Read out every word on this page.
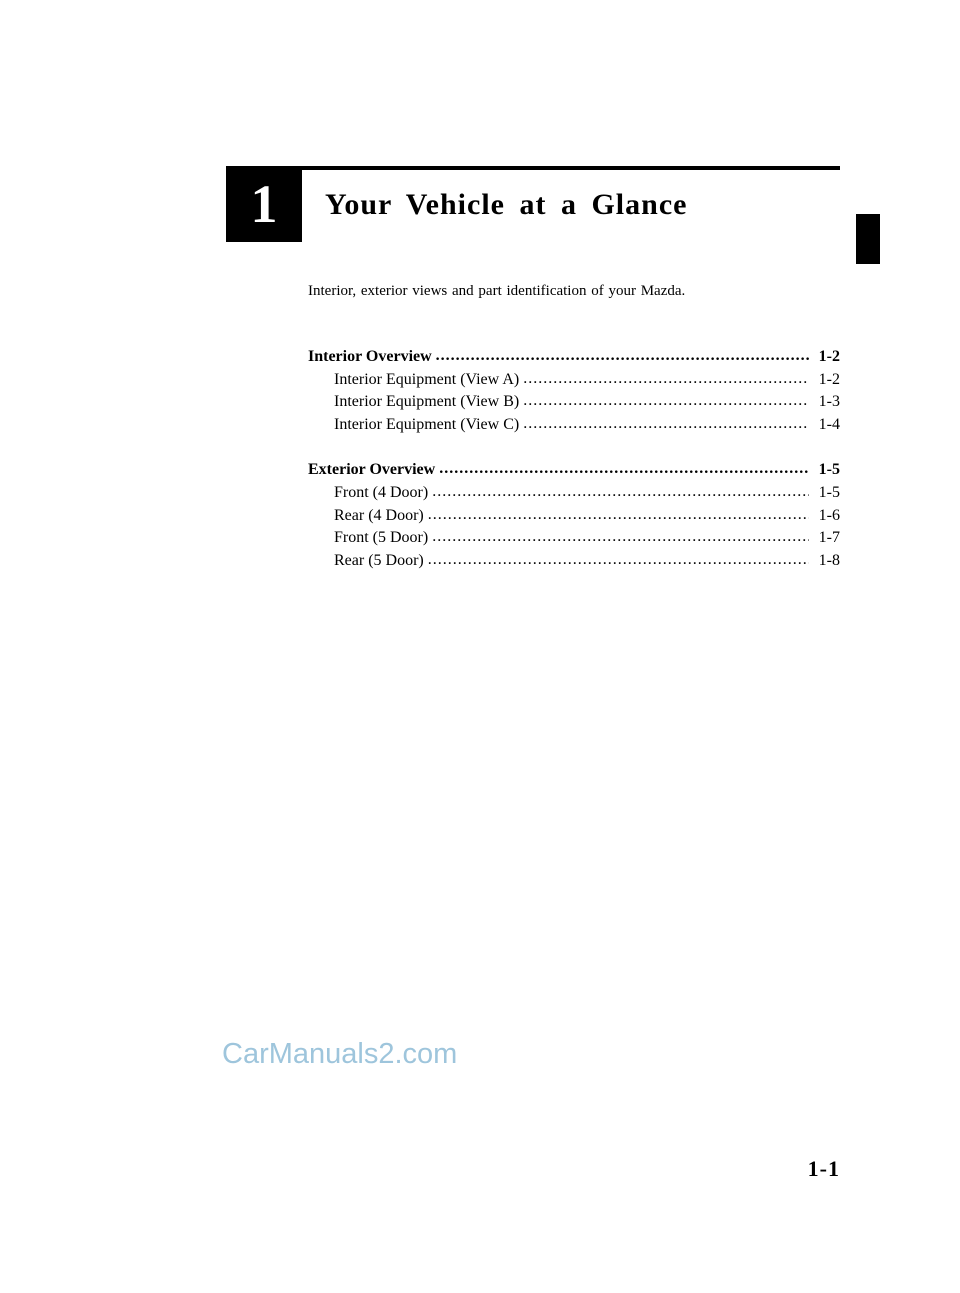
1 Your Vehicle at a Glance
Interior, exterior views and part identification of your Mazda.
Interior Overview .....	1-2
Interior Equipment (View A) .....	1-2
Interior Equipment (View B) .....	1-3
Interior Equipment (View C) .....	1-4
Exterior Overview .....	1-5
Front (4 Door) .....	1-5
Rear (4 Door) .....	1-6
Front (5 Door) .....	1-7
Rear (5 Door) .....	1-8
CarManuals2.com
1-1
